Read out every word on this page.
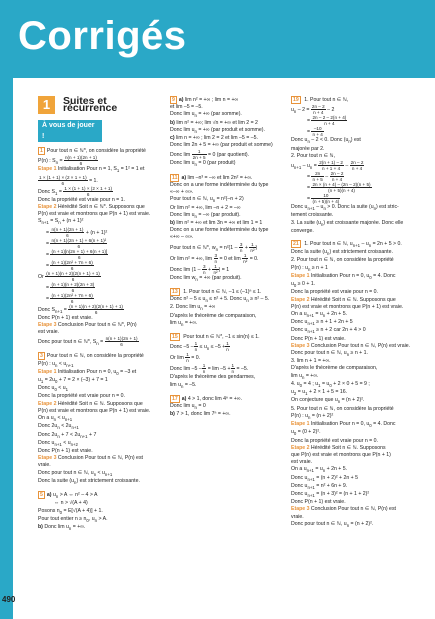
Corrigés
490
1	Suites et récurrence
À vous de jouer !
1 Pour tout n ∈ ℕ*, on considère la propriété
P(n) : $S_n = \frac{n(n + 1)(2n + 1)}{6}$
Étape 1 Initialisation Pour n = 1, $S_1 = 1^2 = 1$ et
$\frac{1 \times (1 + 1) \times (2 \times 1 + 1)}{6} = 1$.
Donc $S_1 = \frac{1 \times (1 + 1) \times (2 \times 1 + 1)}{6}$
Donc la propriété est vraie pour n = 1.
Étape 2 Hérédité Soit n ∈ ℕ*. Supposons que
P(n) est vraie et montrons que P(n + 1) est vraie.
$S_{n+1} = S_n + (n + 1)^2$
= $\frac{n(n + 1)(2n + 1)}{6} + (n + 1)^2$
= $\frac{\text{n(n + 1)(2n + 1) + 6(n + 1)²}}{6}$
= $\frac{(n + 1)[n(2n + 1) + 6(n + 1)]}{6}$
= $\frac{\text{(n + 1)(2n² + 7n + 6)}}{6}$
Or $\frac{(n + 1)(n + 2)(2(n + 1) + 1)}{6}$
= $\frac{(n + 1)(n + 2)(2n + 3)}{6}$
= $\frac{\text{(n + 1)(2n² + 7n + 6)}}{6}$
Donc $S_{n+1} = \frac{(n + 1)(n + 2)(2(n + 1) + 1)}{6}$
Donc P(n + 1) est vraie.
Étape 3 Conclusion Pour tout n ∈ ℕ*, P(n)
est vraie.
Donc pour tout n ∈ ℕ*, $S_n = \frac{n(n + 1)(2n + 1)}{6}$
3 Pour tout n ∈ ℕ, on considère la propriété
P(n) : $u_n < u_{n+1}$
Étape 1 Initialisation Pour n = 0, $u_0 = -3$ et
$u_1 = 2u_0 + 7 = 2 \times (-3) + 7 = 1$
Donc $u_0 < u_1$
Donc la propriété est vraie pour n = 0.
Étape 2 Hérédité Soit n ∈ ℕ. Supposons que
P(n) est vraie et montrons que P(n + 1) est vraie.
On a $u_n < u_{n+1}$
Donc $2u_n < 2u_{n+1}$
Donc $2u_n + 7 < 2u_{n+1} + 7$
Donc $u_{n+1} < u_{n+2}$
Donc P(n + 1) est vraie.
Étape 3 Conclusion Pour tout n ∈ ℕ, P(n) est
vraie.
Donc pour tout n ∈ ℕ, $u_n < u_{n+1}$
Donc la suite $(u_n)$ est strictement croissante.
5 a) $u_n > A$ ⇔ n² – 4 > A
⇔ n > √(A + 4)
Posons $n_0 = E[√(A + 4)] + 1$.
Pour tout entier $n \ge n_0$, $u_n > A$.
b) Donc $\lim u_n$ = +∞.
9 a) lim n² = +∞ ; lim n = +∞
et lim –5 = –5.
Donc $\lim u_n$ = +∞ (par somme).
b) lim n² = +∞; lim √n = +∞ et lim 2 = 2
Donc $\lim u_n$ = +∞ (par produit et somme).
c) lim n = +∞ ; lim 2 = 2 et lim –5 = –5.
Donc lim 2n + 5 = +∞ (par produit et somme)
Donc $\lim \frac{1}{2n + 5} = 0$ (par quotient).
Donc $\lim u_n = 0$ (par produit)
11 a) lim –n³ = –∞ et lim 2n² = +∞.
Donc on a une forme indéterminée du type
«–∞ + ∞».
Pour tout n ∈ ℕ, $u_n = n^2(-n + 2)$
Or lim n² = +∞, lim –n + 2 = –∞
Donc $\lim u_n$ = –∞ (par produit).
b) lim n² = +∞ et lim 3n = +∞ et lim 1 = 1
Donc on a une forme indéterminée du type
«+∞ – ∞».
Pour tout n ∈ ℕ*, $w_n = n^2(1 - \frac{3}{n} + \frac{1}{\text{n²}}$ )
Or lim n² = +∞, $\lim \frac{3}{n} = 0$ et $\lim \frac{1}{\text{n²}} = 0$.
Donc $\lim (1 - \frac{3}{n} + \frac{1}{\text{n²}}$ ) = 1
Donc $\lim w_n$ = +∞ (par produit).
13 1. Pour tout n ∈ ℕ, –1 ≤ (–1)ⁿ ≤ 1.
Donc $n^2 - 5 \le u_n \le n^2 + 5$. Donc $u_n \ge n^2 - 5$.
2. Donc $\lim u_n$ = +∞
D'après le théorème de comparaison,
$\lim u_n$ = +∞.
15 Pour tout n ∈ ℕ*, –1 ≤ sin(n) ≤ 1.
Donc $-5 - \frac{1}{n} \le u_n \le -5 + \frac{1}{n}$
Or $\lim \frac{1}{n} = 0$.
Donc $\lim -5 - \frac{1}{n} = \lim -5 + \frac{1}{n} = -5$.
D'après le théorème des gendarmes,
$\lim u_n = -5$.
17 a) 4 > 1, donc lim 4ⁿ = +∞.
Donc $\lim u_n = 0$
b) 7 > 1, donc lim 7ⁿ = +∞.
19 1. Pour tout n ∈ ℕ,
$u_n - 2 = \frac{2n - 2}{n + 4} - 2$
= $\frac{2n - 2 - 2(n + 4)}{n + 4}$
= $\frac{-10}{n + 4}$
Donc $u_n - 2 < 0$. Donc $(u_n)$ est
majorée par 2.
2. Pour tout n ∈ ℕ,
$u_{n+1} - u_n = \frac{2(n + 1) - 2}{n + 1 + 4} - \frac{2n - 2}{n + 4}$
= $\frac{2n}{n + 5} - \frac{2n - 2}{n + 4}$
= $\frac{2n \times (n + 4) - (2n - 2)(n + 5)}{(n + 5)(n + 4)}$
= $\frac{10}{(n + 5)(n + 4)}$
Donc $u_{n+1} - u_n > 0$. Donc la suite $(u_n)$ est stric-
tement croissante.
3. La suite $(u_n)$ est croissante majorée. Donc elle
converge.
21 1. Pour tout n ∈ ℕ, $u_{n+1} - u_n = 2n + 5 > 0$.
Donc la suite $(u_n)$ est strictement croissante.
2. Pour tout n ∈ ℕ, on considère la propriété
P(n) : $u_n \ge n + 1$
Étape 1 Initialisation Pour n = 0, $u_0 = 4$. Donc
$u_0 \ge 0 + 1$.
Donc la propriété est vraie pour n = 0.
Étape 2 Hérédité Soit n ∈ ℕ. Supposons que
P(n) est vraie et montrons que P(n + 1) est vraie.
On a $u_{n+1} = u_n + 2n + 5$.
Donc $u_{n+1} \ge n + 1 + 2n + 5$
Donc $u_{n+1} \ge n + 2$ car 2n + 4 > 0
Donc P(n + 1) est vraie.
Étape 3 Conclusion Pour tout n ∈ ℕ, P(n) est vraie.
Donc pour tout n ∈ ℕ, $u_n \ge n + 1$.
3. lim n + 1 = +∞.
D'après le théorème de comparaison,
$\lim u_n$ = +∞.
4. $u_0 = 4$ ; $u_1 = u_0 + 2 \times 0 + 5 = 9$ ;
$u_2 = u_1 + 2 \times 1 + 5 = 16$.
On conjecture que $u_n = (n + 2)^2$.
5. Pour tout n ∈ ℕ, on considère la propriété
P(n) : $u_n = (n + 2)^2$
Étape 1 Initialisation Pour n = 0, $u_0 = 4$. Donc
$u_0 = (0 + 2)^2$.
Donc la propriété est vraie pour n = 0.
Étape 2 Hérédité Soit n ∈ ℕ. Supposons
que P(n) est vraie et montrons que P(n + 1)
est vraie.
On a $u_{n+1} = u_n + 2n + 5$.
Donc $u_{n+1} = (n + 2)^2 + 2n + 5$
Donc $u_{n+1} = n^2 + 6n + 9$.
Donc $u_{n+1} = (n + 3)^2 = (n + 1 + 2)^2$
Donc P(n + 1) est vraie.
Étape 3 Conclusion Pour tout n ∈ ℕ, P(n) est
vraie.
Donc pour tout n ∈ ℕ, $u_n = (n + 2)^2$.
